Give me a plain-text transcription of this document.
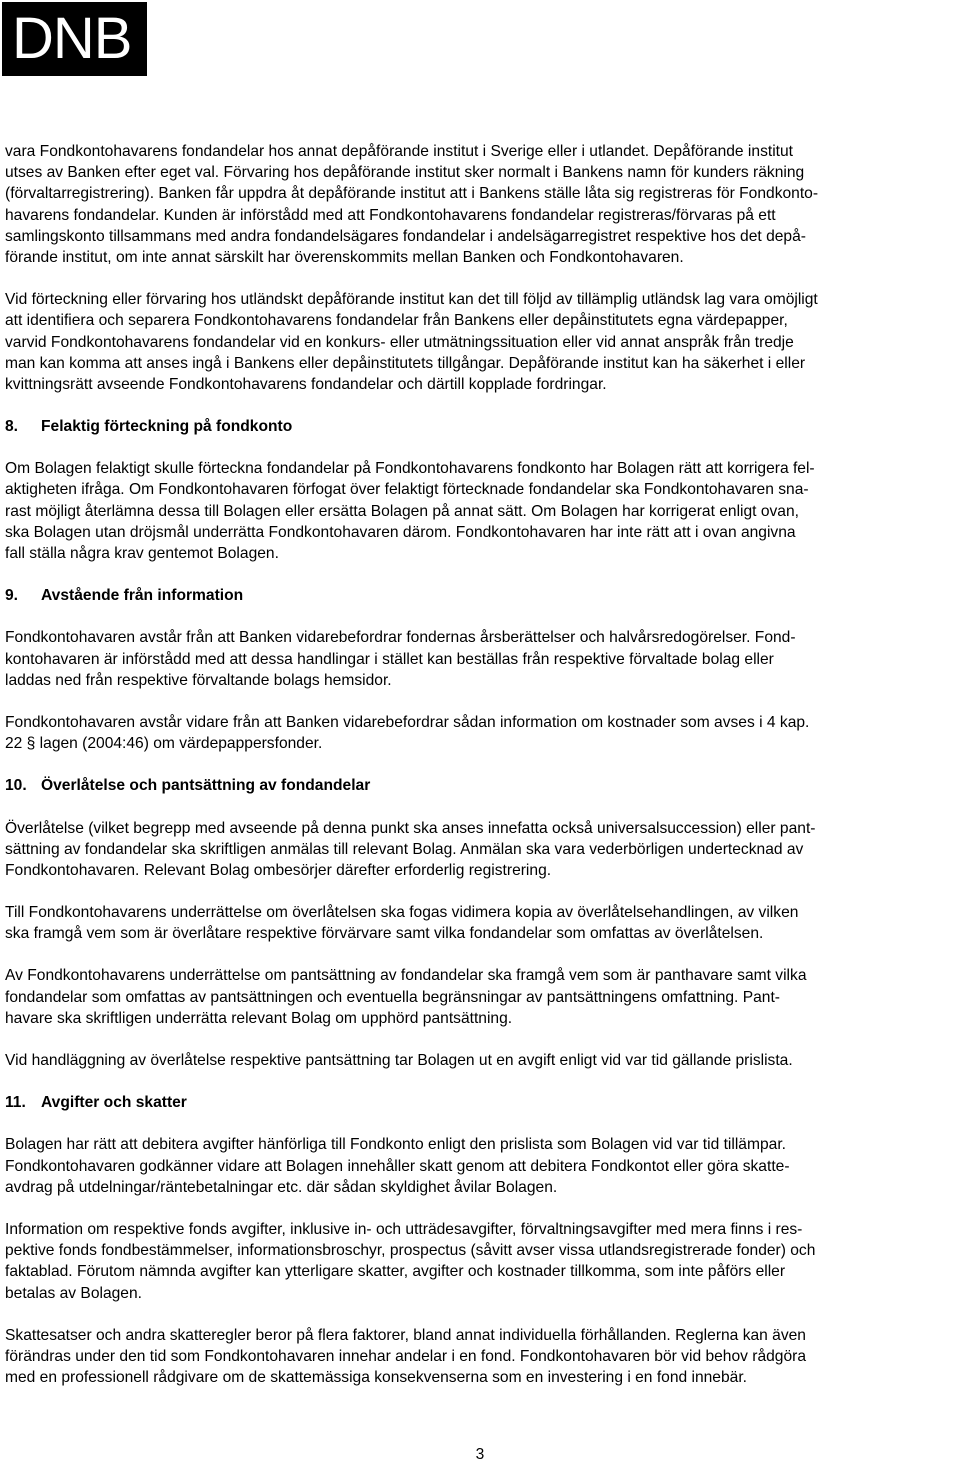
DNB
vara Fondkontohavarens fondandelar hos annat depåförande institut i Sverige eller i utlandet. Depåförande institut
utses av Banken efter eget val. Förvaring hos depåförande institut sker normalt i Bankens namn för kunders räkning
(förvaltarregistrering). Banken får uppdra åt depåförande institut att i Bankens ställe låta sig registreras för Fondkonto-
havarens fondandelar. Kunden är införstådd med att Fondkontohavarens fondandelar registreras/förvaras på ett
samlingskonto tillsammans med andra fondandelsägares fondandelar i andelsägarregistret respektive hos det depå-
förande institut, om inte annat särskilt har överenskommits mellan Banken och Fondkontohavaren.
Vid förteckning eller förvaring hos utländskt depåförande institut kan det till följd av tillämplig utländsk lag vara omöjligt
att identifiera och separera Fondkontohavarens fondandelar från Bankens eller depåinstitutets egna värdepapper,
varvid Fondkontohavarens fondandelar vid en konkurs- eller utmätningssituation eller vid annat anspråk från tredje
man kan komma att anses ingå i Bankens eller depåinstitutets tillgångar. Depåförande institut kan ha säkerhet i eller
kvittningsrätt avseende Fondkontohavarens fondandelar och därtill kopplade fordringar.
8. Felaktig förteckning på fondkonto
Om Bolagen felaktigt skulle förteckna fondandelar på Fondkontohavarens fondkonto har Bolagen rätt att korrigera fel-
aktigheten ifråga. Om Fondkontohavaren förfogat över felaktigt förtecknade fondandelar ska Fondkontohavaren sna-
rast möjligt återlämna dessa till Bolagen eller ersätta Bolagen på annat sätt. Om Bolagen har korrigerat enligt ovan,
ska Bolagen utan dröjsmål underrätta Fondkontohavaren därom. Fondkontohavaren har inte rätt att i ovan angivna
fall ställa några krav gentemot Bolagen.
9. Avstående från information
Fondkontohavaren avstår från att Banken vidarebefordrar fondernas årsberättelser och halvårsredogörelser. Fond-
kontohavaren är införstådd med att dessa handlingar i stället kan beställas från respektive förvaltade bolag eller
laddas ned från respektive förvaltande bolags hemsidor.
Fondkontohavaren avstår vidare från att Banken vidarebefordrar sådan information om kostnader som avses i 4 kap.
22 § lagen (2004:46) om värdepappersfonder.
10. Överlåtelse och pantsättning av fondandelar
Överlåtelse (vilket begrepp med avseende på denna punkt ska anses innefatta också universalsuccession) eller pant-
sättning av fondandelar ska skriftligen anmälas till relevant Bolag. Anmälan ska vara vederbörligen undertecknad av
Fondkontohavaren. Relevant Bolag ombesörjer därefter erforderlig registrering.
Till Fondkontohavarens underrättelse om överlåtelsen ska fogas vidimera kopia av överlåtelsehandlingen, av vilken
ska framgå vem som är överlåtare respektive förvärvare samt vilka fondandelar som omfattas av överlåtelsen.
Av Fondkontohavarens underrättelse om pantsättning av fondandelar ska framgå vem som är panthavare samt vilka
fondandelar som omfattas av pantsättningen och eventuella begränsningar av pantsättningens omfattning. Pant-
havare ska skriftligen underrätta relevant Bolag om upphörd pantsättning.
Vid handläggning av överlåtelse respektive pantsättning tar Bolagen ut en avgift enligt vid var tid gällande prislista.
11. Avgifter och skatter
Bolagen har rätt att debitera avgifter hänförliga till Fondkonto enligt den prislista som Bolagen vid var tid tillämpar.
Fondkontohavaren godkänner vidare att Bolagen innehåller skatt genom att debitera Fondkontot eller göra skatte-
avdrag på utdelningar/räntebetalningar etc. där sådan skyldighet åvilar Bolagen.
Information om respektive fonds avgifter, inklusive in- och utträdesavgifter, förvaltningsavgifter med mera finns i res-
pektive fonds fondbestämmelser, informationsbroschyr, prospectus (såvitt avser vissa utlandsregistrerade fonder) och
faktablad. Förutom nämnda avgifter kan ytterligare skatter, avgifter och kostnader tillkomma, som inte påförs eller
betalas av Bolagen.
Skattesatser och andra skatteregler beror på flera faktorer, bland annat individuella förhållanden. Reglerna kan även
förändras under den tid som Fondkontohavaren innehar andelar i en fond. Fondkontohavaren bör vid behov rådgöra
med en professionell rådgivare om de skattemässiga konsekvenserna som en investering i en fond innebär.
3
